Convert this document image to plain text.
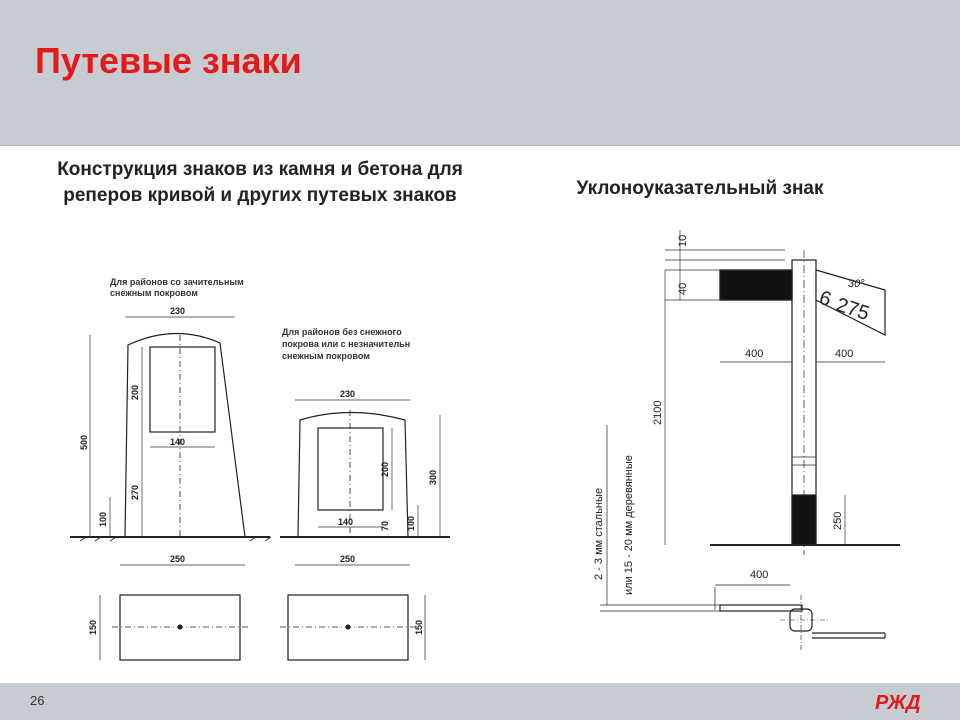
Путевые знаки
Конструкция знаков из камня и бетона для реперов кривой и других путевых знаков	Уклоноуказательный знак
Для районов со зачительным
снежным покровом
Для районов без снежного
покрова или с незначительн
снежным покровом
230
140
250
500
200
270
100
230
140
250
300
200
70 100
150	150
6 275
30°
10
40
400	400
2100
250
400
или 15 - 20 мм деревянные
2 - 3 мм стальные
26	РЖД
